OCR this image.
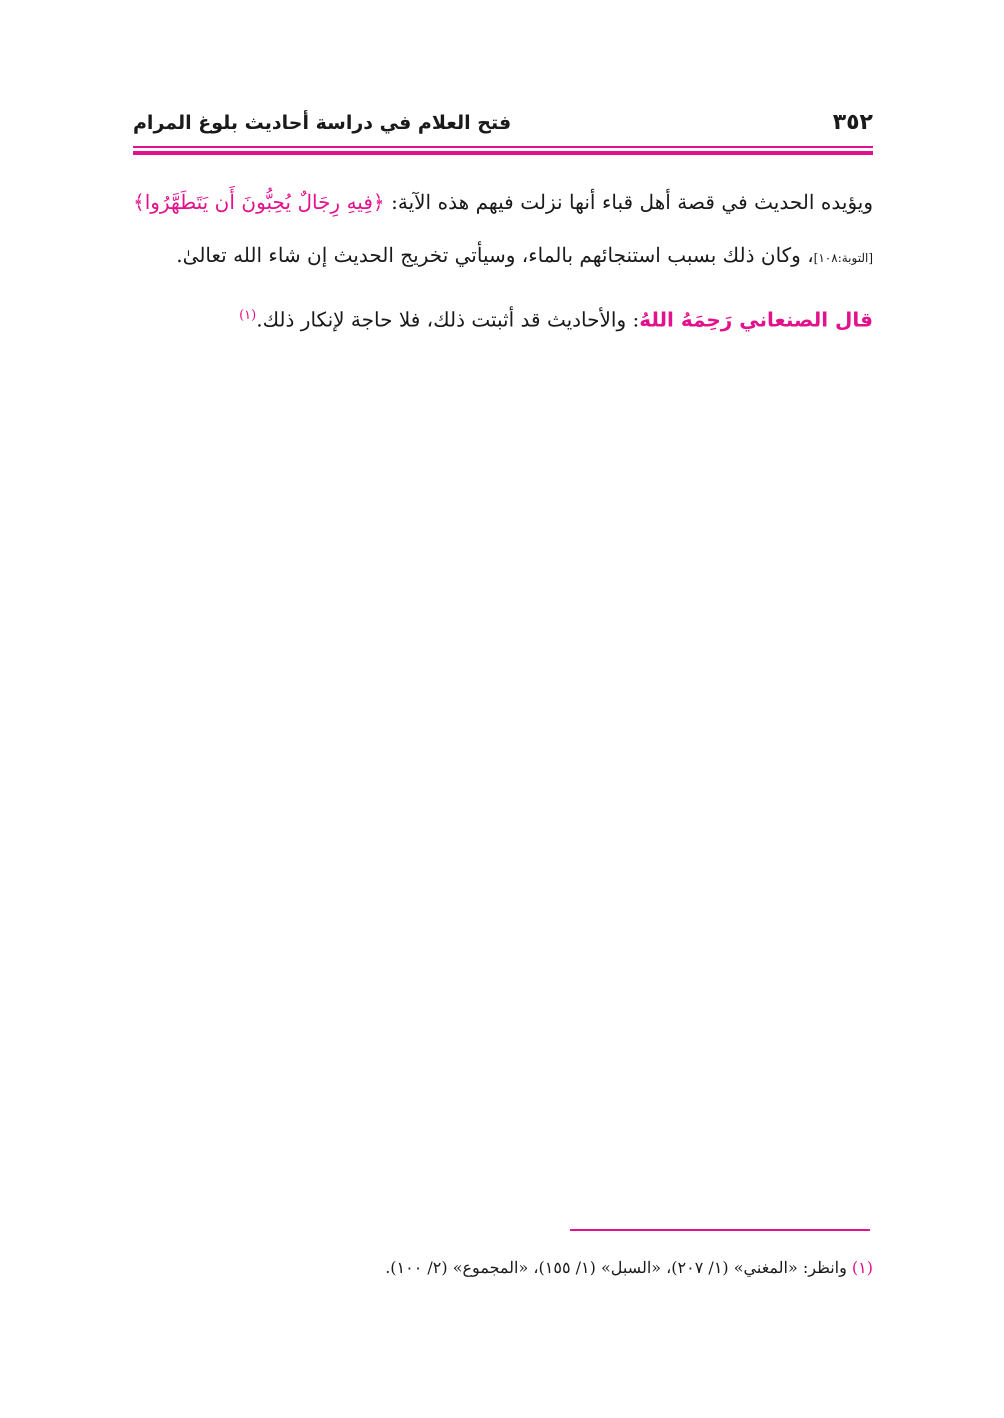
٣٥٢
فتح العلام في دراسة أحاديث بلوغ المرام

ويؤيده الحديث في قصة أهل قباء أنها نزلت فيهم هذه الآية: ﴿فِيهِ رِجَالٌ يُحِبُّونَ أَن يَتَطَهَّرُوا﴾ [التوبة:١٠٨]، وكان ذلك بسبب استنجائهم بالماء، وسيأتي تخريج الحديث إن شاء الله تعالىٰ.

قال الصنعاني رَحِمَهُ اللهُ: والأحاديث قد أثبتت ذلك، فلا حاجة لإنكار ذلك.$^{(١)}$

(١) وانظر: «المغني» (١/ ٢٠٧)، «السبل» (١/ ١٥٥)، «المجموع» (٢/ ١٠٠).
